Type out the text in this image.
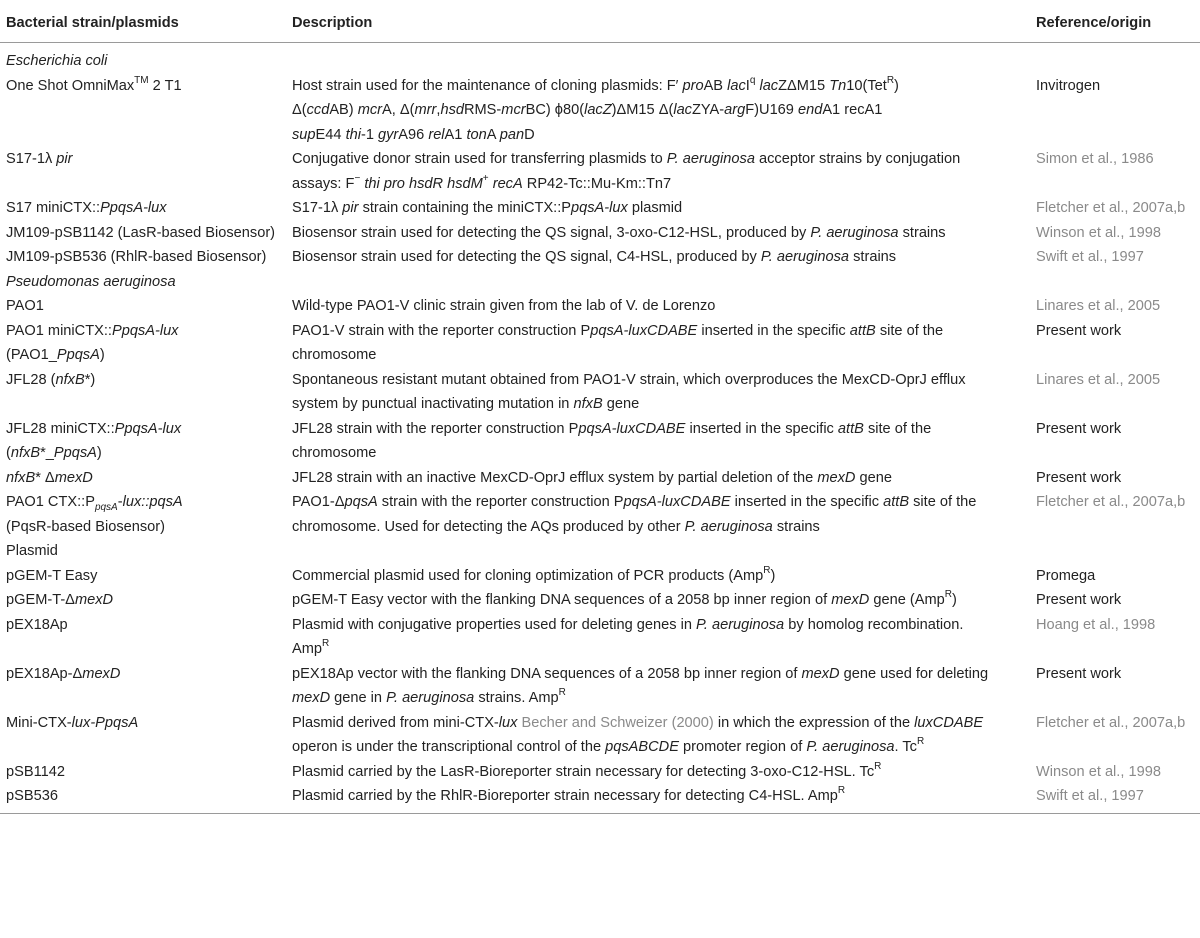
Bacterial strain/plasmids	Description	Reference/origin
Escherichia coli		
One Shot OmniMax™ 2 T1	Host strain used for the maintenance of cloning plasmids: F′ proAB lacI$^q$ lacZΔM15 Tn10(Tet$^R$)
Δ(ccdAB) mcrA, Δ(mrr,hsdRMS-mcrBC) ϕ80(lacZ)ΔM15 Δ(lacZYA-argF)U169 endA1 recA1
supE44 thi-1 gyrA96 relA1 tonA panD	Invitrogen
S17-1λ pir	Conjugative donor strain used for transferring plasmids to P. aeruginosa acceptor strains by conjugation assays: F− thi pro hsdR hsdM+ recA RP42-Tc::Mu-Km::Tn7	Simon et al., 1986
S17 miniCTX::PpqsA-lux	S17-1λ pir strain containing the miniCTX::PpqsA-lux plasmid	Fletcher et al., 2007a,b
JM109-pSB1142 (LasR-based Biosensor)	Biosensor strain used for detecting the QS signal, 3-oxo-C12-HSL, produced by P. aeruginosa strains	Winson et al., 1998
JM109-pSB536 (RhlR-based Biosensor)	Biosensor strain used for detecting the QS signal, C4-HSL, produced by P. aeruginosa strains	Swift et al., 1997
Pseudomonas aeruginosa		
PAO1	Wild-type PAO1-V clinic strain given from the lab of V. de Lorenzo	Linares et al., 2005
PAO1 miniCTX::PpqsA-lux
(PAO1_PpqsA)	PAO1-V strain with the reporter construction PpqsA-luxCDABE inserted in the specific attB site of the chromosome	Present work
JFL28 (nfxB*)	Spontaneous resistant mutant obtained from PAO1-V strain, which overproduces the MexCD-OprJ efflux system by punctual inactivating mutation in nfxB gene	Linares et al., 2005
JFL28 miniCTX::PpqsA-lux
(nfxB*_PpqsA)	JFL28 strain with the reporter construction PpqsA-luxCDABE inserted in the specific attB site of the chromosome	Present work
nfxB* ΔmexD	JFL28 strain with an inactive MexCD-OprJ efflux system by partial deletion of the mexD gene	Present work
PAO1 $CTX::P_{pqsA}-lux::pqsA$
(PqsR-based Biosensor)	PAO1-ΔpqsA strain with the reporter construction PpqsA-luxCDABE inserted in the specific attB site of the chromosome. Used for detecting the AQs produced by other P. aeruginosa strains	Fletcher et al., 2007a,b
Plasmid		
pGEM-T Easy	Commercial plasmid used for cloning optimization of PCR products (Amp$^R$)	Promega
pGEM-T-ΔmexD	pGEM-T Easy vector with the flanking DNA sequences of a 2058 bp inner region of mexD gene (Amp$^R$)	Present work
pEX18Ap	Plasmid with conjugative properties used for deleting genes in P. aeruginosa by homolog recombination. Amp$^R$	Hoang et al., 1998
pEX18Ap-ΔmexD	pEX18Ap vector with the flanking DNA sequences of a 2058 bp inner region of mexD gene used for deleting mexD gene in P. aeruginosa strains. Amp$^R$	Present work
Mini-CTX-lux-PpqsA	Plasmid derived from mini-CTX-lux Becher and Schweizer (2000) in which the expression of the luxCDABE operon is under the transcriptional control of the pqsABCDE promoter region of P. aeruginosa. $Tc^R$	Fletcher et al., 2007a,b
pSB1142	Plasmid carried by the LasR-Bioreporter strain necessary for detecting 3-oxo-C12-HSL. $Tc^R$	Winson et al., 1998
pSB536	Plasmid carried by the RhlR-Bioreporter strain necessary for detecting C4-HSL. Amp$^R$	Swift et al., 1997
